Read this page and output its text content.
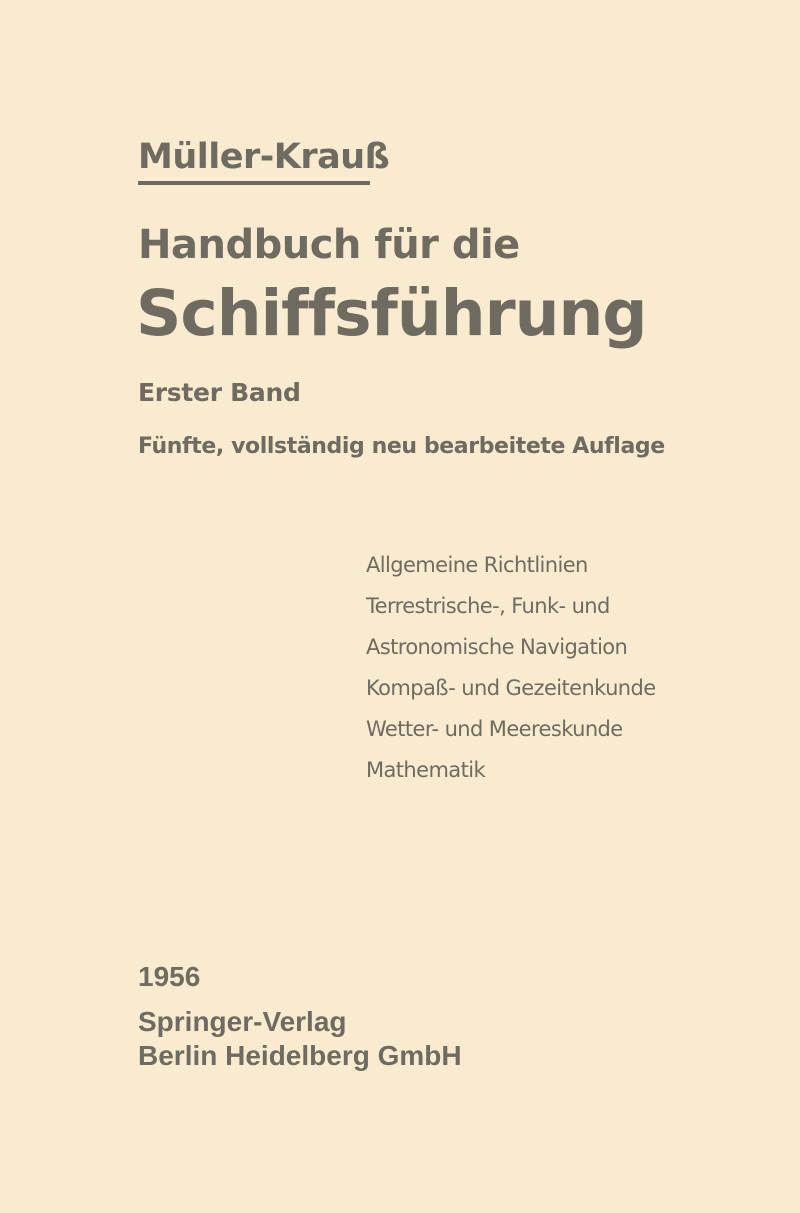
Müller-Krauß
Handbuch für die
Schiffsführung

Erster Band

Fünfte, vollständig neu bearbeitete Auflage

Allgemeine Richtlinien
Terrestrische-, Funk- und
Astronomische Navigation
Kompaß- und Gezeitenkunde
Wetter- und Meereskunde
Mathematik

1956

Springer-Verlag

Berlin Heidelberg GmbH
